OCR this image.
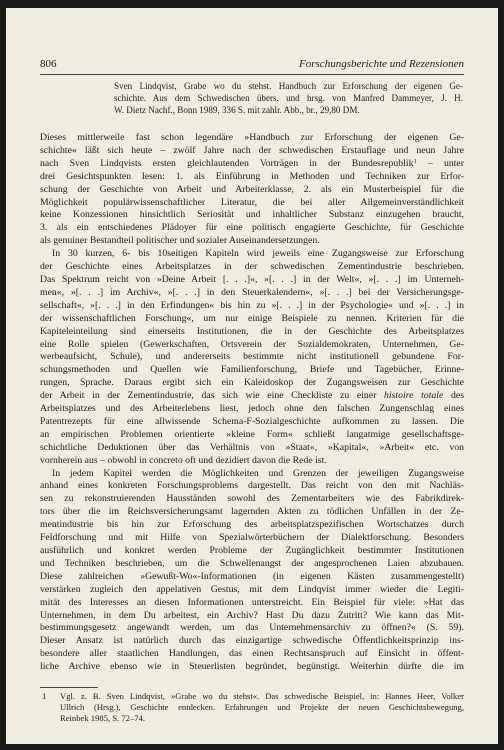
806	Forschungsberichte und Rezensionen
Sven Lindqvist, Grabe wo du stehst. Handbuch zur Erforschung der eigenen Ge-
schichte. Aus dem Schwedischen übers. und hrsg. von Manfred Dammeyer, J. H.
W. Dietz Nachf., Bonn 1989, 336 S. mit zahlr. Abb., br., 29,80 DM.
Dieses mittlerweile fast schon legendäre »Handbuch zur Erforschung der eigenen Ge-
schichte« läßt sich heute – zwölf Jahre nach der schwedischen Erstauflage und neun Jahre
nach Sven Lindqvists ersten gleichlautenden Vorträgen in der Bundesrepublik$^1$ – unter
drei Gesichtspunkten lesen: 1. als Einführung in Methoden und Techniken zur Erfor-
schung der Geschichte von Arbeit und Arbeiterklasse, 2. als ein Musterbeispiel für die
Möglichkeit populärwissenschaftlicher Literatur, die bei aller Allgemeinverständlichkeit
keine Konzessionen hinsichtlich Seriosität und inhaltlicher Substanz einzugehen braucht,
3. als ein entschiedenes Plädoyer für eine politisch engagierte Geschichte, für Geschichte
als genuiner Bestandteil politischer und sozialer Auseinandersetzungen.
In 30 kurzen, 6- bis 10seitigen Kapiteln wird jeweils eine Zugangsweise zur Erforschung
der Geschichte eines Arbeitsplatzes in der schwedischen Zementindustrie beschrieben.
Das Spektrum reicht von »Deine Arbeit [. . .]«, »[. . .] in der Welt«, »[. . .] im Unterneh-
men«, »[. . .] im Archiv«, »[. . .] in den Steuerkalendern«, »[. . .] bei der Versicherungsge-
sellschaft«, »[. . .] in den Erfindungen« bis hin zu »[. . .] in der Psychologie« und »[. . .] in
der wissenschaftlichen Forschung«, um nur einige Beispiele zu nennen. Kriterien für die
Kapiteleinteilung sind einerseits Institutionen, die in der Geschichte des Arbeitsplatzes
eine Rolle spielen (Gewerkschaften, Ortsverein der Sozialdemokraten, Unternehmen, Ge-
werbeaufsicht, Schule), und andererseits bestimmte nicht institutionell gebundene For-
schungsmethoden und Quellen wie Familienforschung, Briefe und Tagebücher, Erinne-
rungen, Sprache. Daraus ergibt sich ein Kaleidoskop der Zugangsweisen zur Geschichte
der Arbeit in der Zementindustrie, das sich wie eine Checkliste zu einer histoire totale des
Arbeitsplatzes und des Arbeiterlebens liest, jedoch ohne den falschen Zungenschlag eines
Patentrezepts für eine allwissende Schema-F-Sozialgeschichte aufkommen zu lassen. Die
an empirischen Problemen orientierte »kleine Form« schließt langatmige gesellschaftsge-
schichtliche Deduktionen über das Verhältnis von »Staat«, »Kapital«, »Arbeit« etc. von
vornherein aus – obwohl in concreto oft und dezidiert davon die Rede ist.
In jedem Kapitel werden die Möglichkeiten und Grenzen der jeweiligen Zugangsweise
anhand eines konkreten Forschungsproblems dargestellt. Das reicht von den mit Nachläs-
sen zu rekonstruierenden Hausständen sowohl des Zementarbeiters wie des Fabrikdirek-
tors über die im Reichsversicherungsamt lagernden Akten zu tödlichen Unfällen in der Ze-
mentindustrie bis hin zur Erforschung des arbeitsplatzspezifischen Wortschatzes durch
Feldforschung und mit Hilfe von Spezialwörterbüchern der Dialektforschung. Besonders
ausführlich und konkret werden Probleme der Zugänglichkeit bestimmter Institutionen
und Techniken beschrieben, um die Schwellenangst der angesprochenen Laien abzubauen.
Diese zahlreichen »Gewußt-Wo«-Informationen (in eigenen Kästen zusammengestellt)
verstärken zugleich den appelativen Gestus, mit dem Lindqvist immer wieder die Legiti-
mität des Interesses an diesen Informationen unterstreicht. Ein Beispiel für viele: »Hat das
Unternehmen, in dem Du arbeitest, ein Archiv? Hast Du dazu Zutritt? Wie kann das Mit-
bestimmungsgesetz angewandt werden, um das Unternehmensarchiv zu öffnen?« (S. 59).
Dieser Ansatz ist natürlich durch das einzigartige schwedische Öffentlichkeitsprinzip ins-
besondere aller staatlichen Handlungen, das einen Rechtsanspruch auf Einsicht in öffent-
liche Archive ebenso wie in Steuerlisten begründet, begünstigt. Weiterhin dürfte die im
1 Vgl. z. B. Sven Lindqvist, »Grabe wo du stehst«. Das schwedische Beispiel, in: Hannes Heer, Volker
Ullrich (Hrsg.), Geschichte entdecken. Erfahrungen und Projekte der neuen Geschichtsbewegung,
Reinbek 1985, S. 72–74.
